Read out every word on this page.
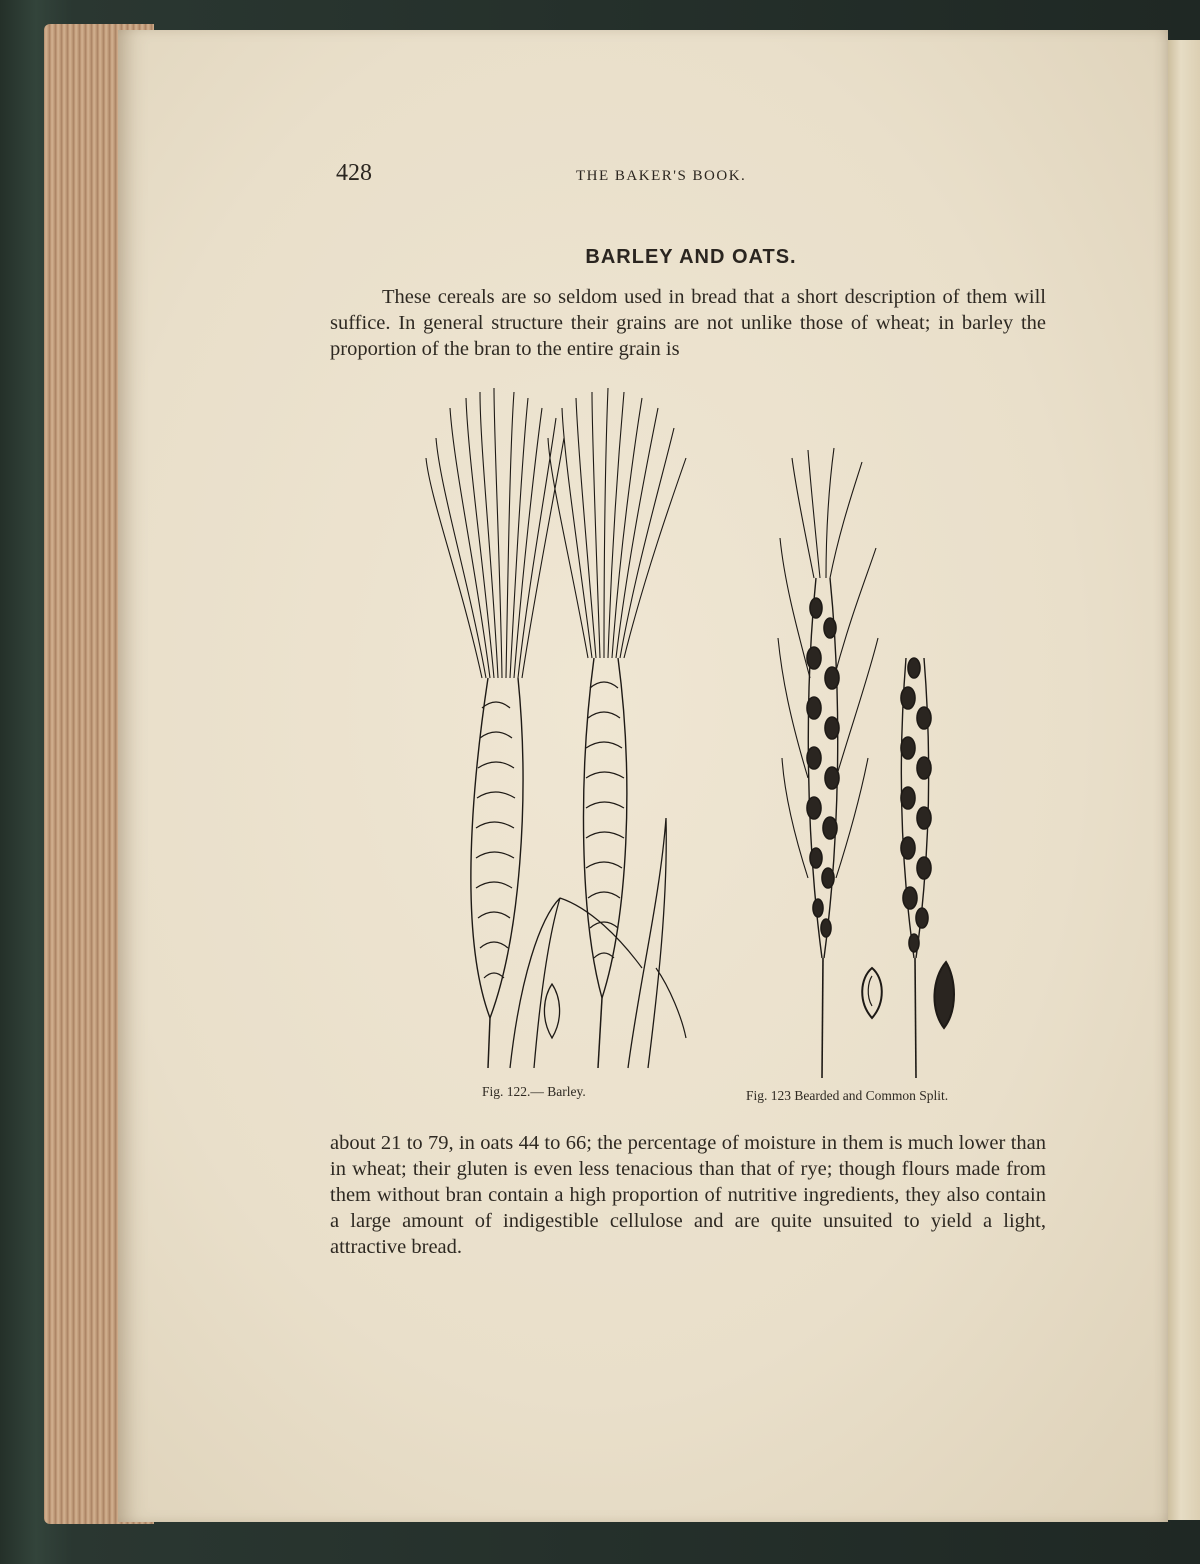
428	THE BAKER'S BOOK.
BARLEY AND OATS.

These cereals are so seldom used in bread that a short description of them will suffice. In general structure their grains are not unlike those of wheat; in barley the proportion of the bran to the entire grain is

Fig. 122.— Barley.	Fig. 123 Bearded and Common Split.

about 21 to 79, in oats 44 to 66; the percentage of moisture in them is much lower than in wheat; their gluten is even less tenacious than that of rye; though flours made from them without bran contain a high proportion of nutritive ingredients, they also contain a large amount of indigestible cellulose and are quite unsuited to yield a light, attractive bread.
